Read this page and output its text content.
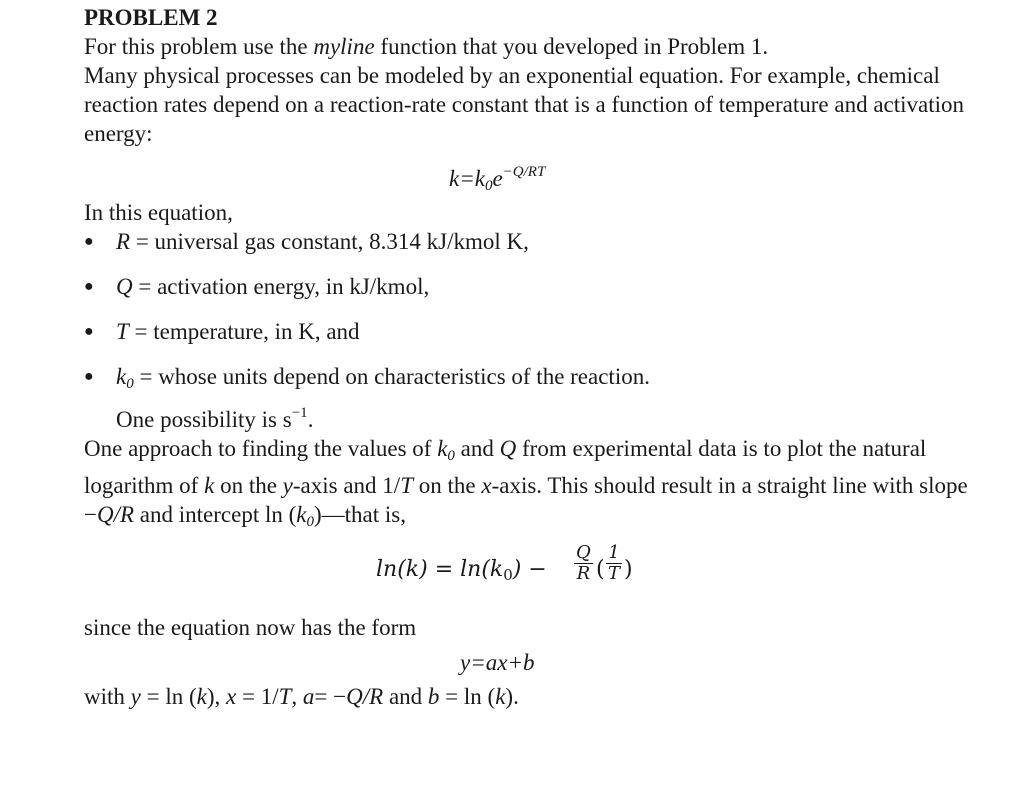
PROBLEM 2

For this problem use the myline function that you developed in Problem 1.

Many physical processes can be modeled by an exponential equation. For example, chemical reaction rates depend on a reaction-rate constant that is a function of temperature and activation energy:

$k=k0e^{-Q/RT}$

In this equation,

● R = universal gas constant, 8.314 kJ/kmol K,
● Q = activation energy, in kJ/kmol,
● T = temperature, in K, and
● k0 = whose units depend on characteristics of the reaction.
One possibility is $s^{-1}$.

One approach to finding the values of k0 and Q from experimental data is to plot the natural logarithm of k on the y-axis and 1/T on the x-axis. This should result in a straight line with slope −Q/R and intercept ln (k0)—that is,

$\ln(k) = \ln(k0) - \frac{Q}{R}$ ( $\frac{1}{T}$ )

since the equation now has the form

y=ax+b

with y = ln (k), x = 1/T, a= −Q/R and b = ln (k).
